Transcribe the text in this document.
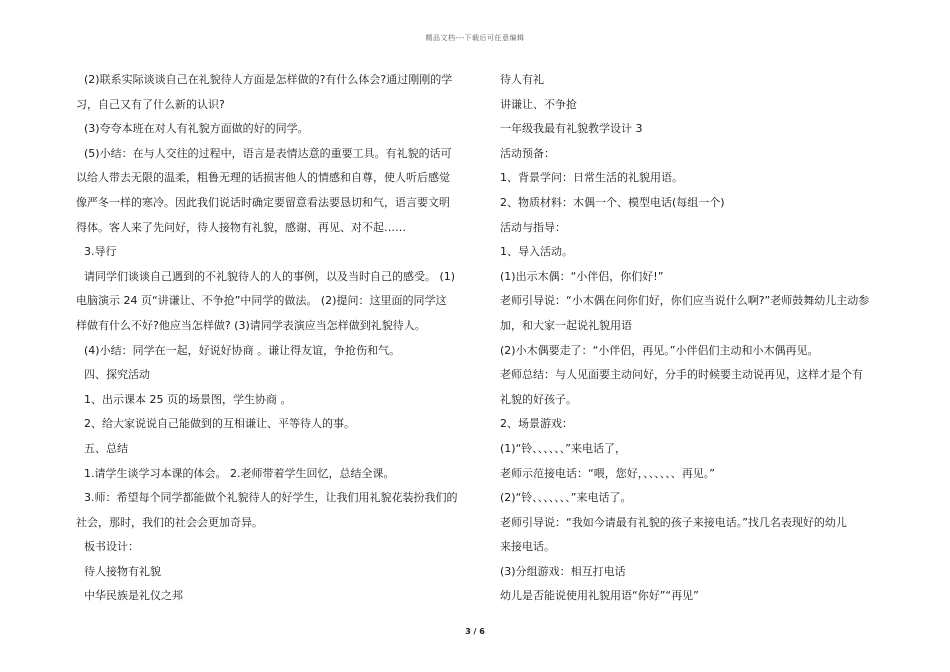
精品文档---下载后可任意编辑
(2)联系实际谈谈自己在礼貌待人方面是怎样做的?有什么体会?通过刚刚的学
习，自己又有了什么新的认识?
(3)夸夸本班在对人有礼貌方面做的好的同学。
(5)小结：在与人交往的过程中，语言是表情达意的重要工具。有礼貌的话可
以给人带去无限的温柔，粗鲁无理的话损害他人的情感和自尊，使人听后感觉
像严冬一样的寒冷。因此我们说话时确定要留意看法要恳切和气，语言要文明
得体。客人来了先问好，待人接物有礼貌，感谢、再见、对不起……
3.导行
请同学们谈谈自己遇到的不礼貌待人的人的事例，以及当时自己的感受。 (1)
电脑演示 24 页“讲谦让、不争抢”中同学的做法。 (2)提问：这里面的同学这
样做有什么不好?他应当怎样做? (3)请同学表演应当怎样做到礼貌待人。
(4)小结：同学在一起，好说好协商 。谦让得友谊，争抢伤和气。
四、探究活动
1、出示课本 25 页的场景图，学生协商 。
2、给大家说说自己能做到的互相谦让、平等待人的事。
五、总结
1.请学生谈学习本课的体会。 2.老师带着学生回忆，总结全课。
3.师：希望每个同学都能做个礼貌待人的好学生，让我们用礼貌花装扮我们的
社会，那时，我们的社会会更加奇异。
板书设计：
待人接物有礼貌
中华民族是礼仪之邦
待人有礼
讲谦让、不争抢
一年级我最有礼貌教学设计 3
活动预备：
1、背景学问：日常生活的礼貌用语。
2、物质材料：木偶一个、模型电话(每组一个)
活动与指导：
1、导入活动。
(1)出示木偶：“小伴侣，你们好!”
老师引导说：“小木偶在问你们好，你们应当说什么啊?”老师鼓舞幼儿主动参
加，和大家一起说礼貌用语
(2)小木偶要走了：“小伴侣，再见。”小伴侣们主动和小木偶再见。
老师总结：与人见面要主动问好，分手的时候要主动说再见，这样才是个有
礼貌的好孩子。
2、场景游戏：
(1)“铃、、、、、、”来电话了，
老师示范接电话：“喂，您好，、、、、、、再见。”
(2)“铃、、、、、、、”来电话了。
老师引导说：“我如今请最有礼貌的孩子来接电话。”找几名表现好的幼儿
来接电话。
(3)分组游戏：相互打电话
幼儿是否能说使用礼貌用语“你好”“再见”
3 / 6
